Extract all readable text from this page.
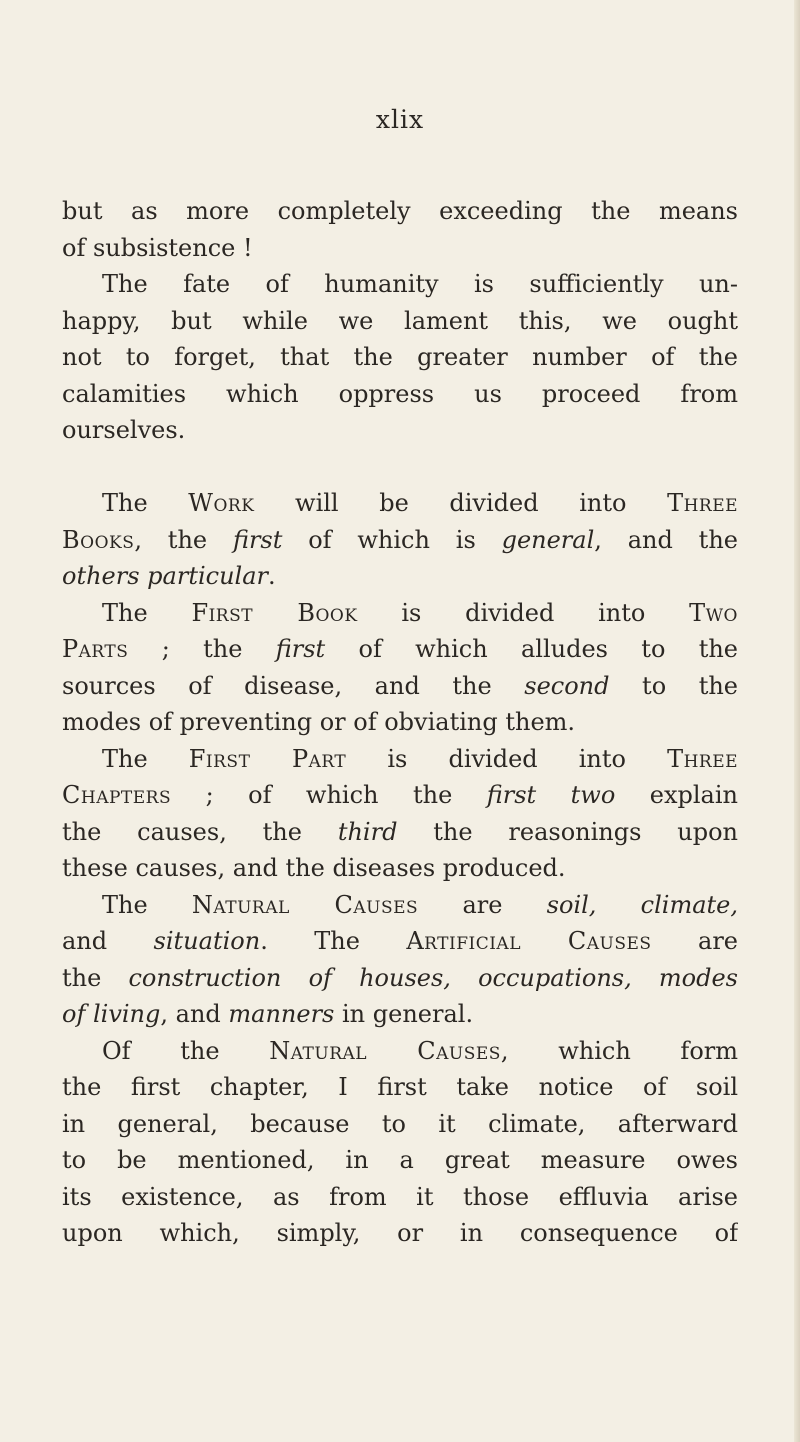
xlix
but as more completely exceeding the means
of subsistence !
The fate of humanity is sufficiently un-
happy, but while we lament this, we ought
not to forget, that the greater number of the
calamities which oppress us proceed from
ourselves.
The Work will be divided into Three
Books, the first of which is general, and the
others particular.
The First Book is divided into Two
Parts ; the first of which alludes to the
sources of disease, and the second to the
modes of preventing or of obviating them.
The First Part is divided into Three
Chapters ; of which the first two explain
the causes, the third the reasonings upon
these causes, and the diseases produced.
The Natural Causes are soil, climate,
and situation. The Artificial Causes are
the construction of houses, occupations, modes
of living, and manners in general.
Of the Natural Causes, which form
the first chapter, I first take notice of soil
in general, because to it climate, afterward
to be mentioned, in a great measure owes
its existence, as from it those effluvia arise
upon which, simply, or in consequence of
